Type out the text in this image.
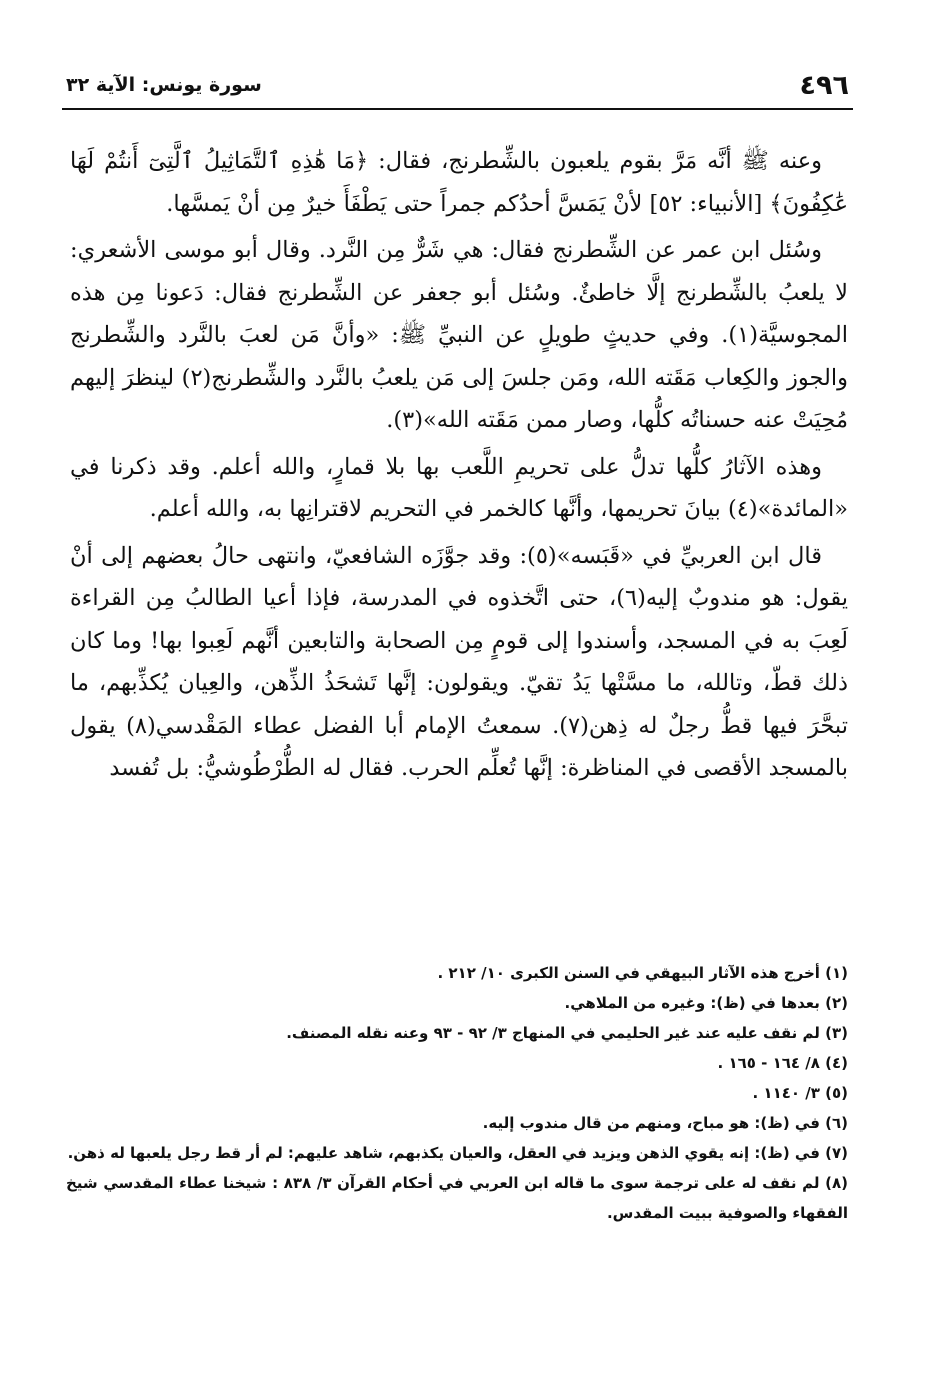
٤٩٦
سورة يونس: الآية ٣٢

وعنه ﷺ أنَّه مَرَّ بقوم يلعبون بالشِّطرنج، فقال: ﴿مَا هَٰذِهِ ٱلتَّمَاثِيلُ ٱلَّتِىٓ أَنتُمْ لَهَا عَٰكِفُونَ﴾ [الأنبياء: ٥٢] لأنْ يَمَسَّ أحدُكم جمراً حتى يَطْفَأَ خيرٌ مِن أنْ يَمسَّها.

وسُئل ابن عمر عن الشِّطرنج فقال: هي شَرٌّ مِن النَّرد. وقال أبو موسى الأشعري: لا يلعبُ بالشِّطرنج إلَّا خاطئٌ. وسُئل أبو جعفر عن الشِّطرنج فقال: دَعونا مِن هذه المجوسيَّة(١). وفي حديثٍ طويلٍ عن النبيِّ ﷺ: «وأنَّ مَن لعبَ بالنَّرد والشِّطرنج والجوز والكِعاب مَقَته الله، ومَن جلسَ إلى مَن يلعبُ بالنَّرد والشِّطرنج(٢) لينظرَ إليهم مُحِيَتْ عنه حسناتُه كلُّها، وصار ممن مَقَته الله»(٣).

وهذه الآثارُ كلُّها تدلُّ على تحريمِ اللَّعب بها بلا قمارٍ، والله أعلم. وقد ذكرنا في «المائدة»(٤) بيانَ تحريمها، وأنَّها كالخمر في التحريم لاقترانِها به، والله أعلم.

قال ابن العربيِّ في «قَبَسه»(٥): وقد جوَّزَه الشافعيّ، وانتهى حالُ بعضهم إلى أنْ يقول: هو مندوبٌ إليه(٦)، حتى اتَّخذوه في المدرسة، فإذا أعيا الطالبُ مِن القراءة لَعِبَ به في المسجد، وأسندوا إلى قومٍ مِن الصحابة والتابعين أنَّهم لَعِبوا بها! وما كان ذلك قطّ، وتالله، ما مسَّتْها يَدُ تقيّ. ويقولون: إنَّها تَشحَذُ الذِّهن، والعِيان يُكذِّبهم، ما تبحَّرَ فيها قطُّ رجلٌ له ذِهن(٧). سمعتُ الإمام أبا الفضل عطاء المَقْدسي(٨) يقول بالمسجد الأقصى في المناظرة: إنَّها تُعلِّم الحرب. فقال له الطُّرْطُوشيُّ: بل تُفسد

(١) أخرج هذه الآثار البيهقي في السنن الكبرى ١٠/ ٢١٢ .
(٢) بعدها في (ظ): وغيره من الملاهي.
(٣) لم نقف عليه عند غير الحليمي في المنهاج ٣/ ٩٢ - ٩٣ وعنه نقله المصنف.
(٤) ٨/ ١٦٤ - ١٦٥ .
(٥) ٣/ ١١٤٠ .
(٦) في (ظ): هو مباح، ومنهم من قال مندوب إليه.
(٧) في (ظ): إنه يقوي الذهن ويزيد في العقل، والعيان يكذبهم، شاهد عليهم: لم أر قط رجل يلعبها له ذهن.
(٨) لم نقف له على ترجمة سوى ما قاله ابن العربي في أحكام القرآن ٣/ ٨٣٨ : شيخنا عطاء المقدسي شيخ الفقهاء والصوفية ببيت المقدس.
